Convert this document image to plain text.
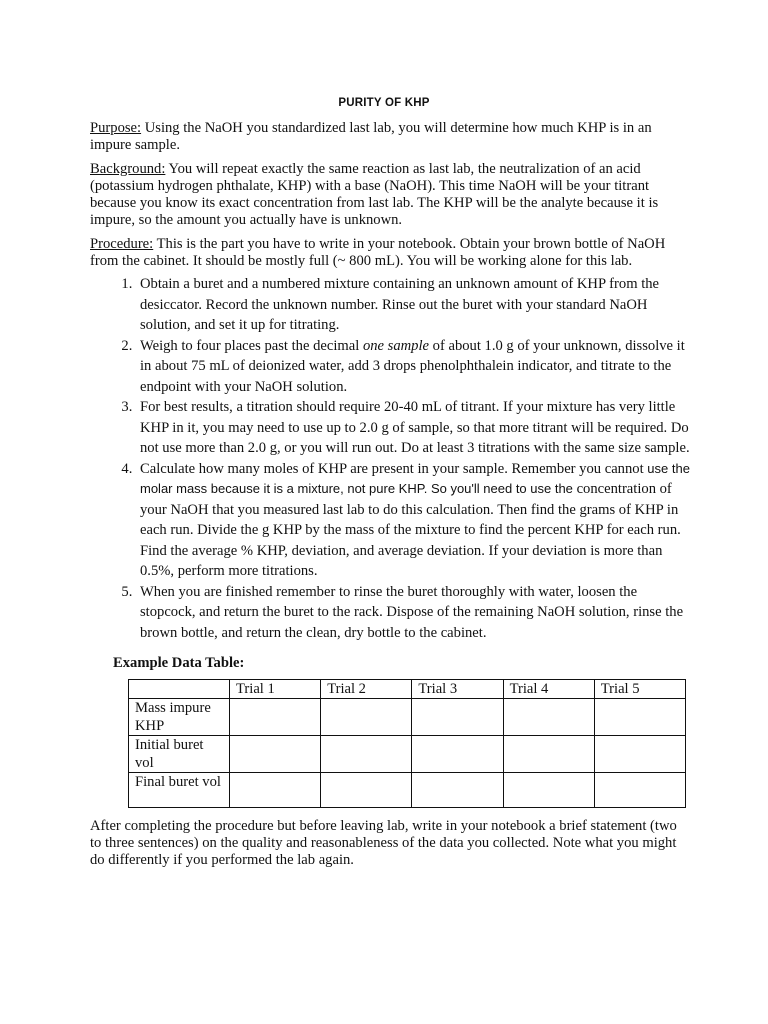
PURITY OF KHP

Purpose: Using the NaOH you standardized last lab, you will determine how much KHP is in an impure sample.

Background: You will repeat exactly the same reaction as last lab, the neutralization of an acid (potassium hydrogen phthalate, KHP) with a base (NaOH). This time NaOH will be your titrant because you know its exact concentration from last lab. The KHP will be the analyte because it is impure, so the amount you actually have is unknown.

Procedure: This is the part you have to write in your notebook. Obtain your brown bottle of NaOH from the cabinet. It should be mostly full (~ 800 mL). You will be working alone for this lab.

1. Obtain a buret and a numbered mixture containing an unknown amount of KHP from the desiccator. Record the unknown number. Rinse out the buret with your standard NaOH solution, and set it up for titrating.
2. Weigh to four places past the decimal one sample of about 1.0 g of your unknown, dissolve it in about 75 mL of deionized water, add 3 drops phenolphthalein indicator, and titrate to the endpoint with your NaOH solution.
3. For best results, a titration should require 20-40 mL of titrant. If your mixture has very little KHP in it, you may need to use up to 2.0 g of sample, so that more titrant will be required. Do not use more than 2.0 g, or you will run out. Do at least 3 titrations with the same size sample.
4. Calculate how many moles of KHP are present in your sample. Remember you cannot use the molar mass because it is a mixture, not pure KHP. So you'll need to use the concentration of your NaOH that you measured last lab to do this calculation. Then find the grams of KHP in each run. Divide the g KHP by the mass of the mixture to find the percent KHP for each run. Find the average % KHP, deviation, and average deviation. If your deviation is more than 0.5%, perform more titrations.
5. When you are finished remember to rinse the buret thoroughly with water, loosen the stopcock, and return the buret to the rack. Dispose of the remaining NaOH solution, rinse the brown bottle, and return the clean, dry bottle to the cabinet.
Example Data Table:
	Trial 1	Trial 2	Trial 3	Trial 4	Trial 5
Mass impure KHP					
Initial buret vol					
Final buret vol					

After completing the procedure but before leaving lab, write in your notebook a brief statement (two to three sentences) on the quality and reasonableness of the data you collected. Note what you might do differently if you performed the lab again.
